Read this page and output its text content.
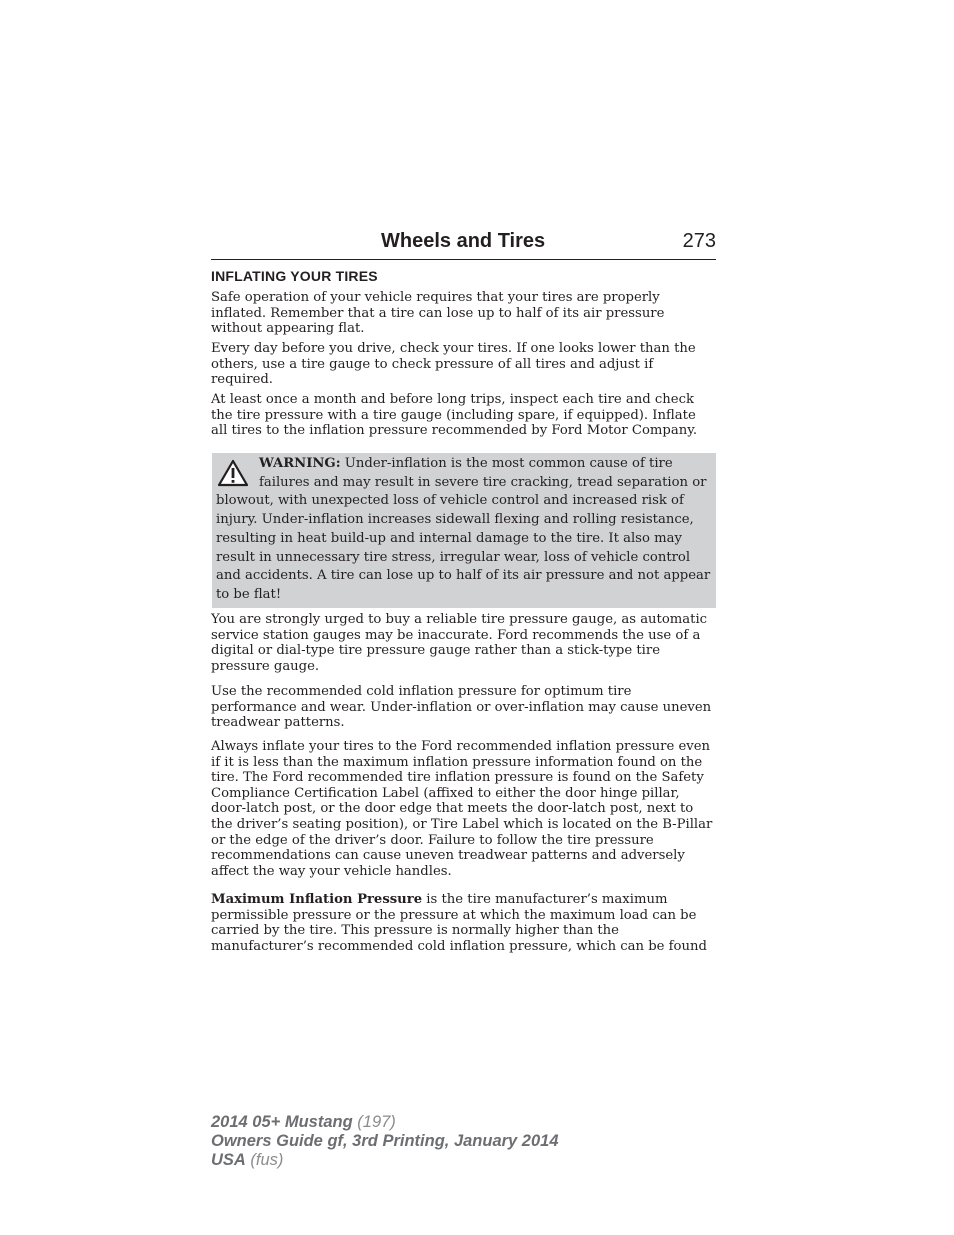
Wheels and Tires	273
INFLATING YOUR TIRES

Safe operation of your vehicle requires that your tires are properly inflated. Remember that a tire can lose up to half of its air pressure without appearing flat.

Every day before you drive, check your tires. If one looks lower than the others, use a tire gauge to check pressure of all tires and adjust if required.

At least once a month and before long trips, inspect each tire and check the tire pressure with a tire gauge (including spare, if equipped). Inflate all tires to the inflation pressure recommended by Ford Motor Company.

WARNING: Under-inflation is the most common cause of tire failures and may result in severe tire cracking, tread separation or blowout, with unexpected loss of vehicle control and increased risk of injury. Under-inflation increases sidewall flexing and rolling resistance, resulting in heat build-up and internal damage to the tire. It also may result in unnecessary tire stress, irregular wear, loss of vehicle control and accidents. A tire can lose up to half of its air pressure and not appear to be flat!

You are strongly urged to buy a reliable tire pressure gauge, as automatic service station gauges may be inaccurate. Ford recommends the use of a digital or dial-type tire pressure gauge rather than a stick-type tire pressure gauge.

Use the recommended cold inflation pressure for optimum tire performance and wear. Under-inflation or over-inflation may cause uneven treadwear patterns.

Always inflate your tires to the Ford recommended inflation pressure even if it is less than the maximum inflation pressure information found on the tire. The Ford recommended tire inflation pressure is found on the Safety Compliance Certification Label (affixed to either the door hinge pillar, door-latch post, or the door edge that meets the door-latch post, next to the driver’s seating position), or Tire Label which is located on the B-Pillar or the edge of the driver’s door. Failure to follow the tire pressure recommendations can cause uneven treadwear patterns and adversely affect the way your vehicle handles.

Maximum Inflation Pressure is the tire manufacturer’s maximum permissible pressure or the pressure at which the maximum load can be carried by the tire. This pressure is normally higher than the manufacturer’s recommended cold inflation pressure, which can be found

2014 05+ Mustang (197)
Owners Guide gf, 3rd Printing, January 2014
USA (fus)
